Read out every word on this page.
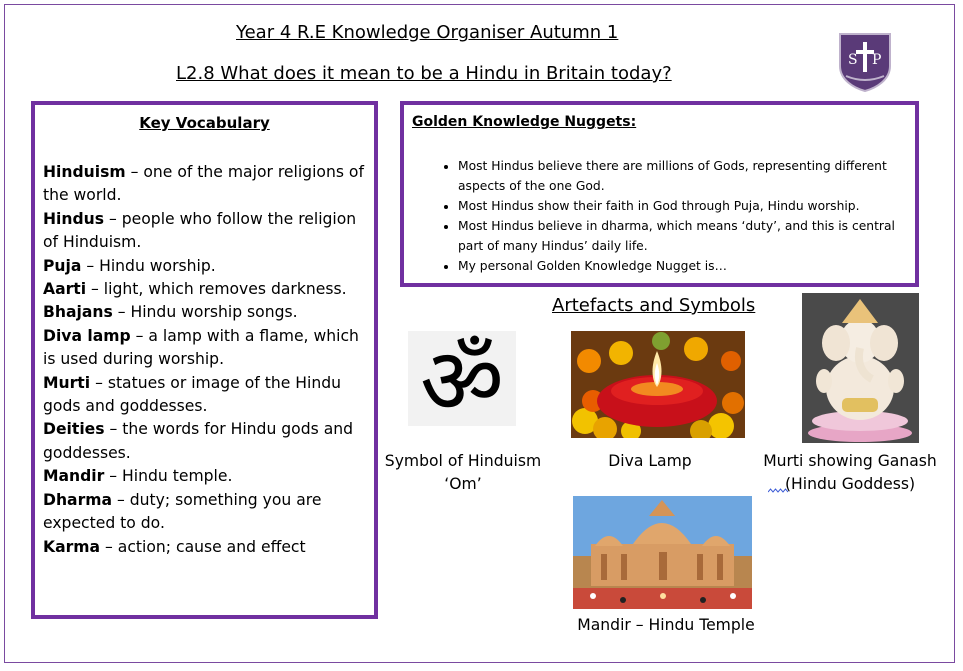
Year 4 R.E Knowledge Organiser Autumn 1
L2.8 What does it mean to be a Hindu in Britain today?
S P
Key Vocabulary
Hinduism – one of the major religions of the world.
Hindus – people who follow the religion of Hinduism.
Puja – Hindu worship.
Aarti – light, which removes darkness.
Bhajans – Hindu worship songs.
Diva lamp – a lamp with a flame, which is used during worship.
Murti – statues or image of the Hindu gods and goddesses.
Deities – the words for Hindu gods and goddesses.
Mandir – Hindu temple.
Dharma – duty; something you are expected to do.
Karma – action; cause and effect
Golden Knowledge Nuggets:
• Most Hindus believe there are millions of Gods, representing different aspects of the one God.
• Most Hindus show their faith in God through Puja, Hindu worship.
• Most Hindus believe in dharma, which means ‘duty’, and this is central part of many Hindus’ daily life.
• My personal Golden Knowledge Nugget is…
Artefacts and Symbols
ॐ
Symbol of Hinduism
‘Om’
Diva Lamp	Murti showing Ganash
(Hindu Goddess)
Mandir – Hindu Temple
